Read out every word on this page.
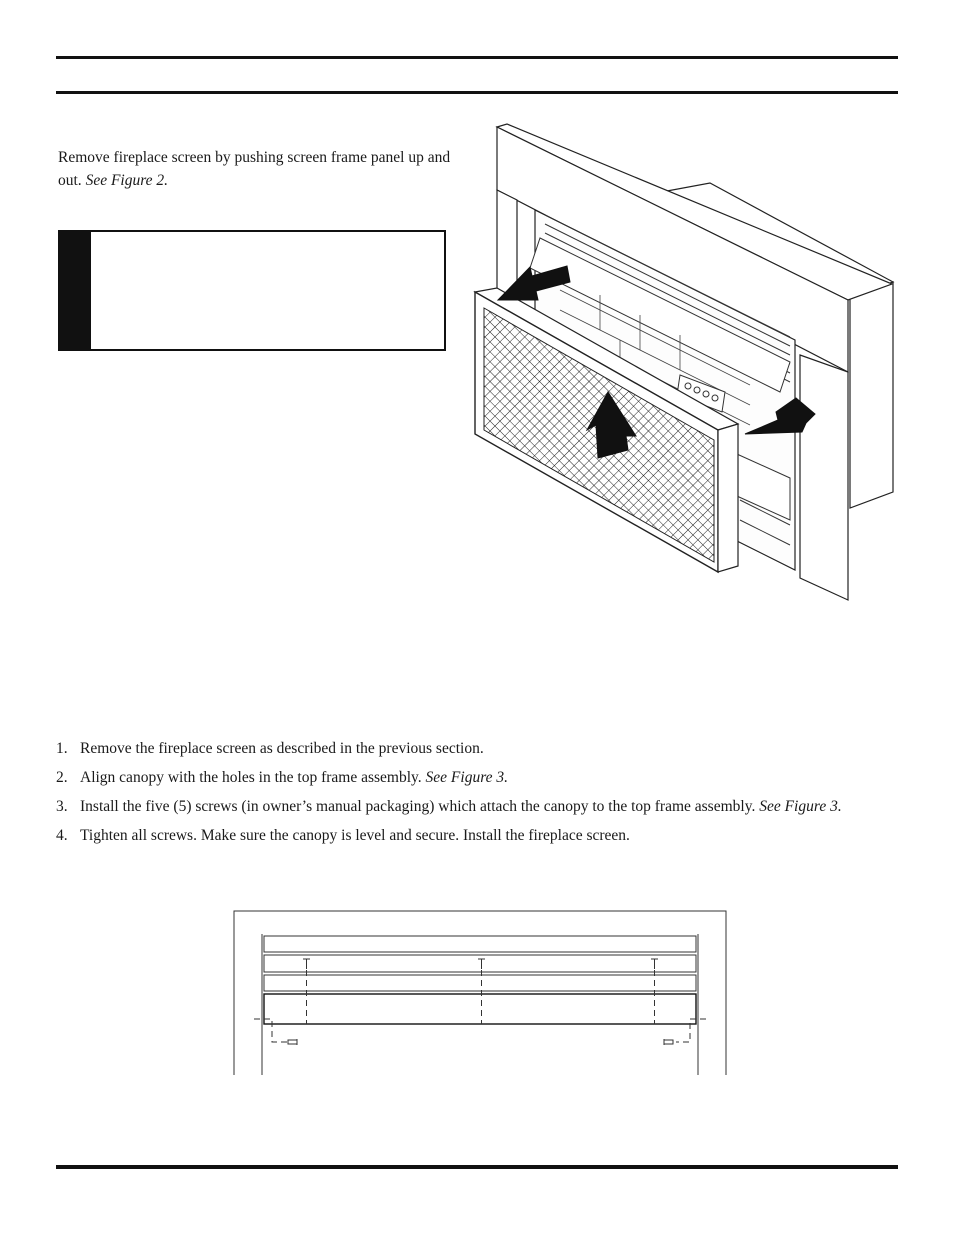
Remove fireplace screen by pushing screen frame panel up and out. See Figure 2.

1. Remove the fireplace screen as described in the previous section.
2. Align canopy with the holes in the top frame assembly. See Figure 3.
3. Install the five (5) screws (in owner’s manual packaging) which attach the canopy to the top frame assembly. See Figure 3.
4. Tighten all screws. Make sure the canopy is level and secure. Install the fireplace screen.
